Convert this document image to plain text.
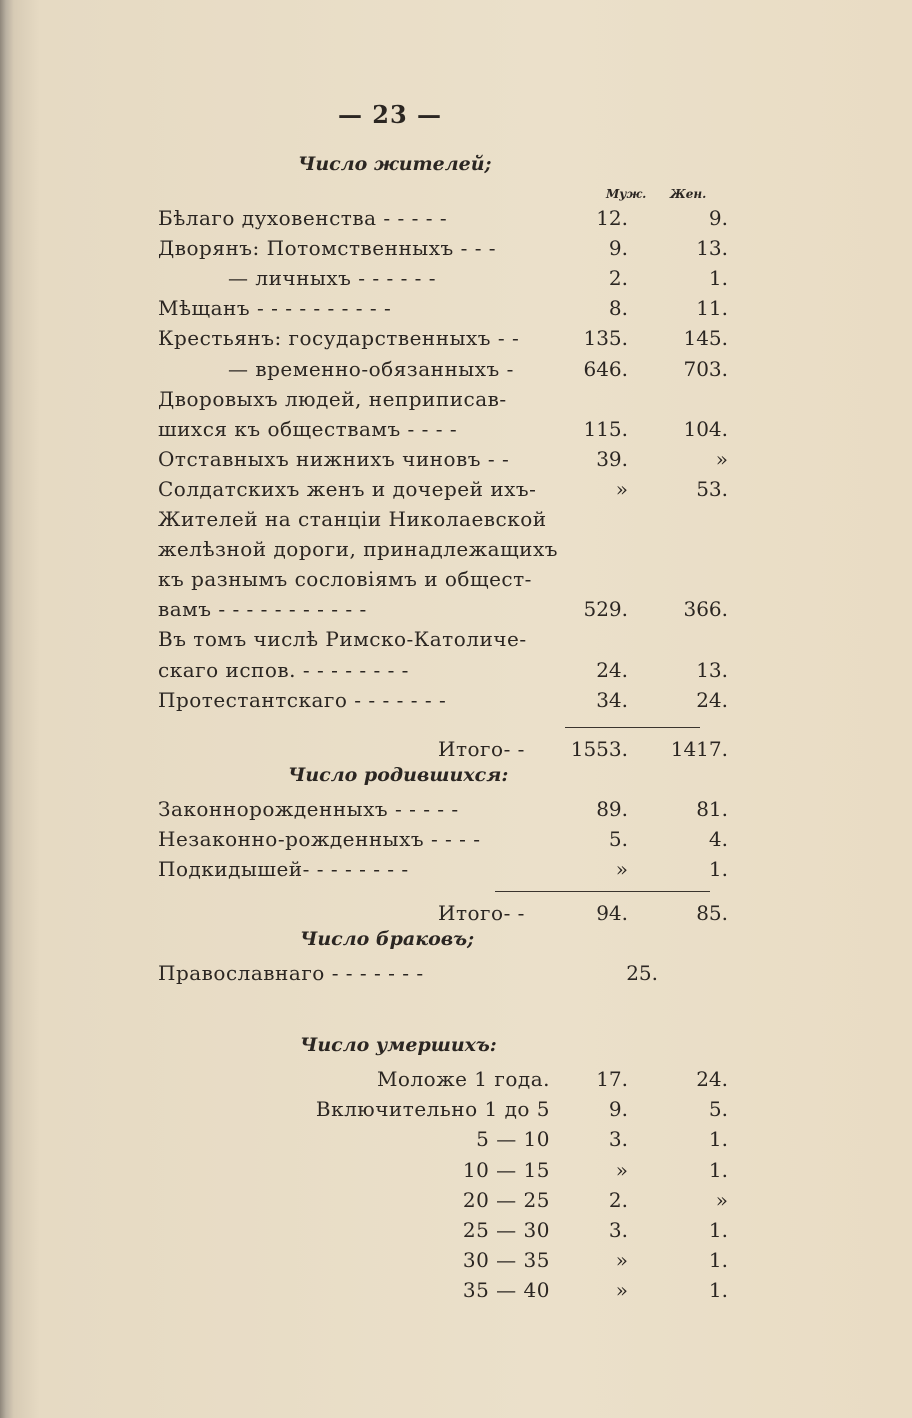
— 23 —
Число жителей;
Муж. Жен.
Бѣлаго духовенства - - - - -	12.	9.
Дворянъ: Потомственныхъ - - -	9.	13.
— личныхъ - - - - - -	2.	1.
Мѣщанъ - - - - - - - - - -	8.	11.
Крестьянъ: государственныхъ - -	135.	145.
— временно-обязанныхъ -	646.	703.
Дворовыхъ людей, неприписав-
шихся къ обществамъ - - - -	115.	104.
Отставныхъ нижнихъ чиновъ - -	39.	»
Солдатскихъ женъ и дочерей ихъ-	»	53.
Жителей на станціи Николаевской
желѣзной дороги, принадлежащихъ
къ разнымъ сословіямъ и общест-
вамъ - - - - - - - - - - -	529.	366.
Въ томъ числѣ Римско-Католиче-
скаго испов. - - - - - - - -	24.	13.
Протестантскаго - - - - - - -	34.	24.
Итого- -	1553.	1417.
Число родившихся:
Законнорожденныхъ - - - - -	89.	81.
Незаконно-рожденныхъ - - - -	5.	4.
Подкидышей- - - - - - - -	»	1.
Итого- -	94.	85.
Число браковъ;
Православнаго - - - - - - -	25.
Число умершихъ:
Моложе 1 года.	17.	24.
Включительно 1 до 5	9.	5.
5 — 10	3.	1.
10 — 15	»	1.
20 — 25	2.	»
25 — 30	3.	1.
30 — 35	»	1.
35 — 40	»	1.
